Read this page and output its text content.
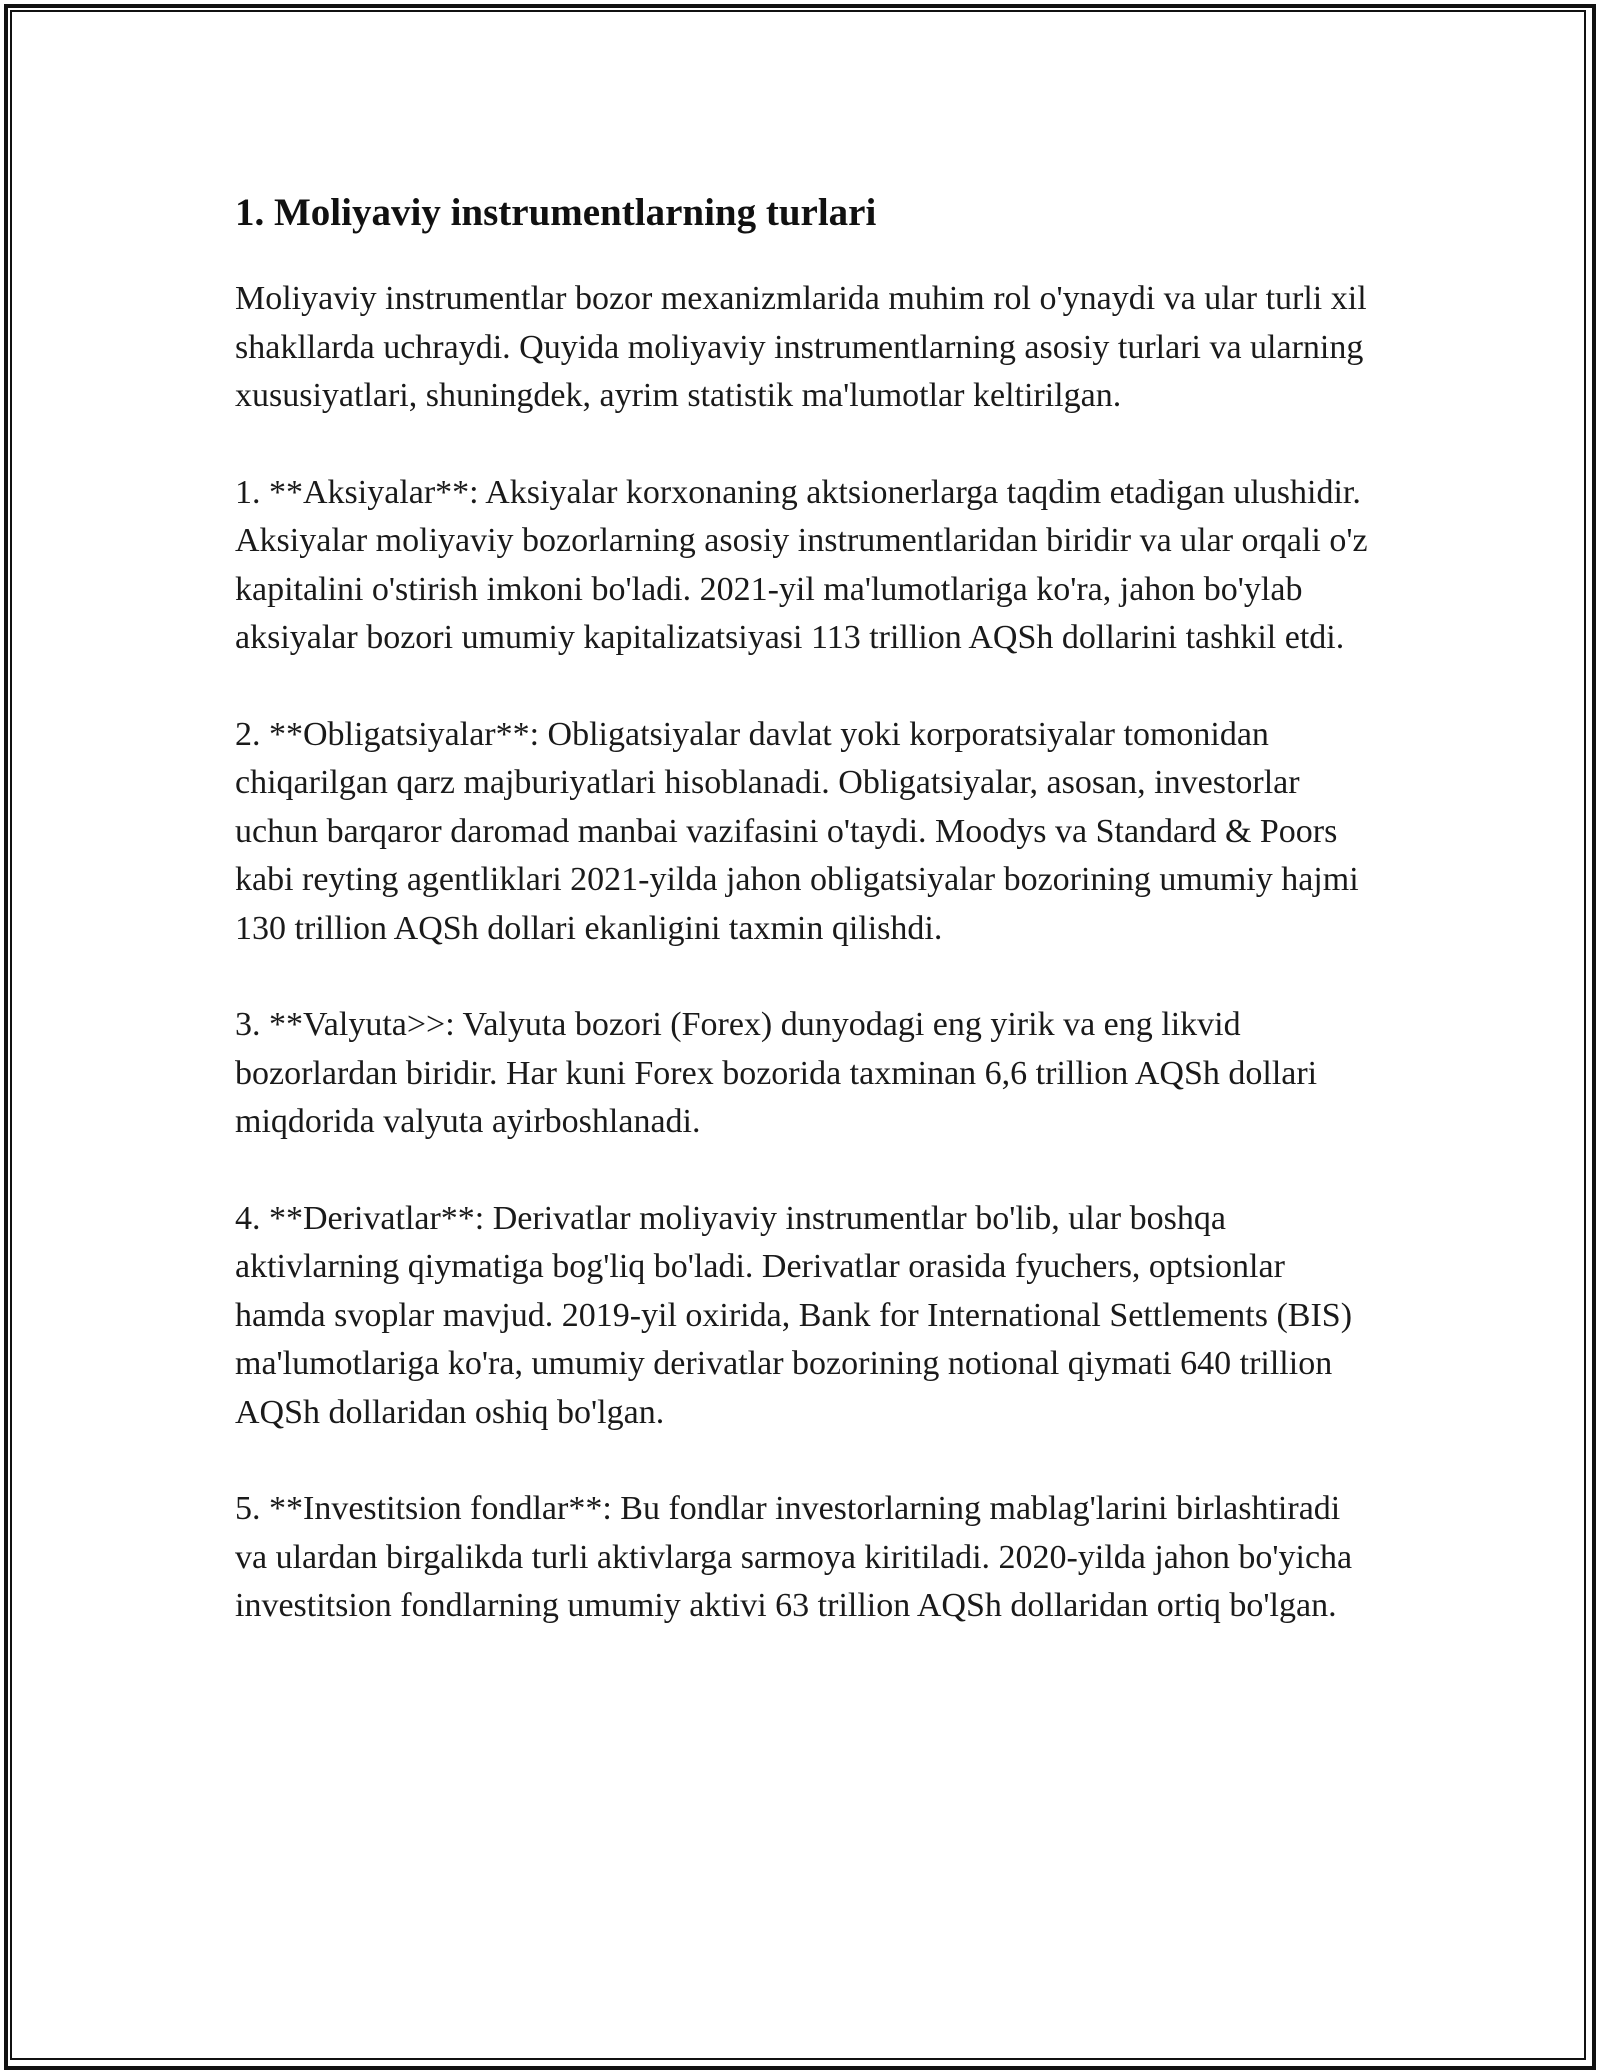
1. Moliyaviy instrumentlarning turlari

Moliyaviy instrumentlar bozor mexanizmlarida muhim rol o'ynaydi va ular turli xil shakllarda uchraydi. Quyida moliyaviy instrumentlarning asosiy turlari va ularning xususiyatlari, shuningdek, ayrim statistik ma'lumotlar keltirilgan.

1. **Aksiyalar**: Aksiyalar korxonaning aktsionerlarga taqdim etadigan ulushidir. Aksiyalar moliyaviy bozorlarning asosiy instrumentlaridan biridir va ular orqali o'z kapitalini o'stirish imkoni bo'ladi. 2021-yil ma'lumotlariga ko'ra, jahon bo'ylab aksiyalar bozori umumiy kapitalizatsiyasi 113 trillion AQSh dollarini tashkil etdi.

2. **Obligatsiyalar**: Obligatsiyalar davlat yoki korporatsiyalar tomonidan chiqarilgan qarz majburiyatlari hisoblanadi. Obligatsiyalar, asosan, investorlar uchun barqaror daromad manbai vazifasini o'taydi. Moodys va Standard & Poors kabi reyting agentliklari 2021-yilda jahon obligatsiyalar bozorining umumiy hajmi 130 trillion AQSh dollari ekanligini taxmin qilishdi.

3. **Valyuta>>: Valyuta bozori (Forex) dunyodagi eng yirik va eng likvid bozorlardan biridir. Har kuni Forex bozorida taxminan 6,6 trillion AQSh dollari miqdorida valyuta ayirboshlanadi.

4. **Derivatlar**: Derivatlar moliyaviy instrumentlar bo'lib, ular boshqa aktivlarning qiymatiga bog'liq bo'ladi. Derivatlar orasida fyuchers, optsionlar hamda svoplar mavjud. 2019-yil oxirida, Bank for International Settlements (BIS) ma'lumotlariga ko'ra, umumiy derivatlar bozorining notional qiymati 640 trillion AQSh dollaridan oshiq bo'lgan.

5. **Investitsion fondlar**: Bu fondlar investorlarning mablag'larini birlashtiradi va ulardan birgalikda turli aktivlarga sarmoya kiritiladi. 2020-yilda jahon bo'yicha investitsion fondlarning umumiy aktivi 63 trillion AQSh dollaridan ortiq bo'lgan.
